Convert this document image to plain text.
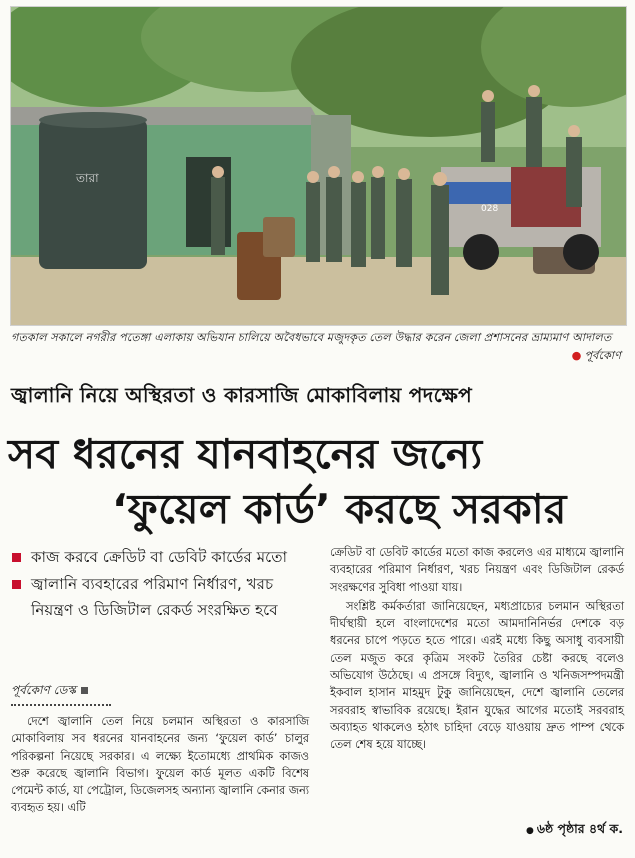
তারা
028
গতকাল সকালে নগরীর পতেঙ্গা এলাকায় অভিযান চালিয়ে অবৈধভাবে মজুদকৃত তেল উদ্ধার করেন জেলা প্রশাসনের ভ্রাম্যমাণ আদালত
● পূর্বকোণ
জ্বালানি নিয়ে অস্থিরতা ও কারসাজি মোকাবিলায় পদক্ষেপ
সব ধরনের যানবাহনের জন্যে
‘ফুয়েল কার্ড’ করছে সরকার
কাজ করবে ক্রেডিট বা ডেবিট কার্ডের মতো
জ্বালানি ব্যবহারের পরিমাণ নির্ধারণ, খরচ নিয়ন্ত্রণ ও ডিজিটাল রেকর্ড সংরক্ষিত হবে
পূর্বকোণ ডেস্ক

দেশে জ্বালানি তেল নিয়ে চলমান অস্থিরতা ও কারসাজি মোকাবিলায় সব ধরনের যানবাহনের জন্য ‘ফুয়েল কার্ড’ চালুর পরিকল্পনা নিয়েছে সরকার। এ লক্ষ্যে ইতোমধ্যে প্রাথমিক কাজও শুরু করেছে জ্বালানি বিভাগ। ফুয়েল কার্ড মূলত একটি বিশেষ পেমেন্ট কার্ড, যা পেট্রোল, ডিজেলসহ অন্যান্য জ্বালানি কেনার জন্য ব্যবহৃত হয়। এটি

ক্রেডিট বা ডেবিট কার্ডের মতো কাজ করলেও এর মাধ্যমে জ্বালানি ব্যবহারের পরিমাণ নির্ধারণ, খরচ নিয়ন্ত্রণ এবং ডিজিটাল রেকর্ড সংরক্ষণের সুবিধা পাওয়া যায়।

সংশ্লিষ্ট কর্মকর্তারা জানিয়েছেন, মধ্যপ্রাচ্যের চলমান অস্থিরতা দীর্ঘস্থায়ী হলে বাংলাদেশের মতো আমদানিনির্ভর দেশকে বড় ধরনের চাপে পড়তে হতে পারে। এরই মধ্যে কিছু অসাধু ব্যবসায়ী তেল মজুত করে কৃত্রিম সংকট তৈরির চেষ্টা করছে বলেও অভিযোগ উঠেছে। এ প্রসঙ্গে বিদ্যুৎ, জ্বালানি ও খনিজসম্পদমন্ত্রী ইকবাল হাসান মাহমুদ টুকু জানিয়েছেন, দেশে জ্বালানি তেলের সরবরাহ স্বাভাবিক রয়েছে। ইরান যুদ্ধের আগের মতোই সরবরাহ অব্যাহত থাকলেও হঠাৎ চাহিদা বেড়ে যাওয়ায় দ্রুত পাম্প থেকে তেল শেষ হয়ে যাচ্ছে।

● ৬ষ্ঠ পৃষ্ঠার ৪র্থ ক.
